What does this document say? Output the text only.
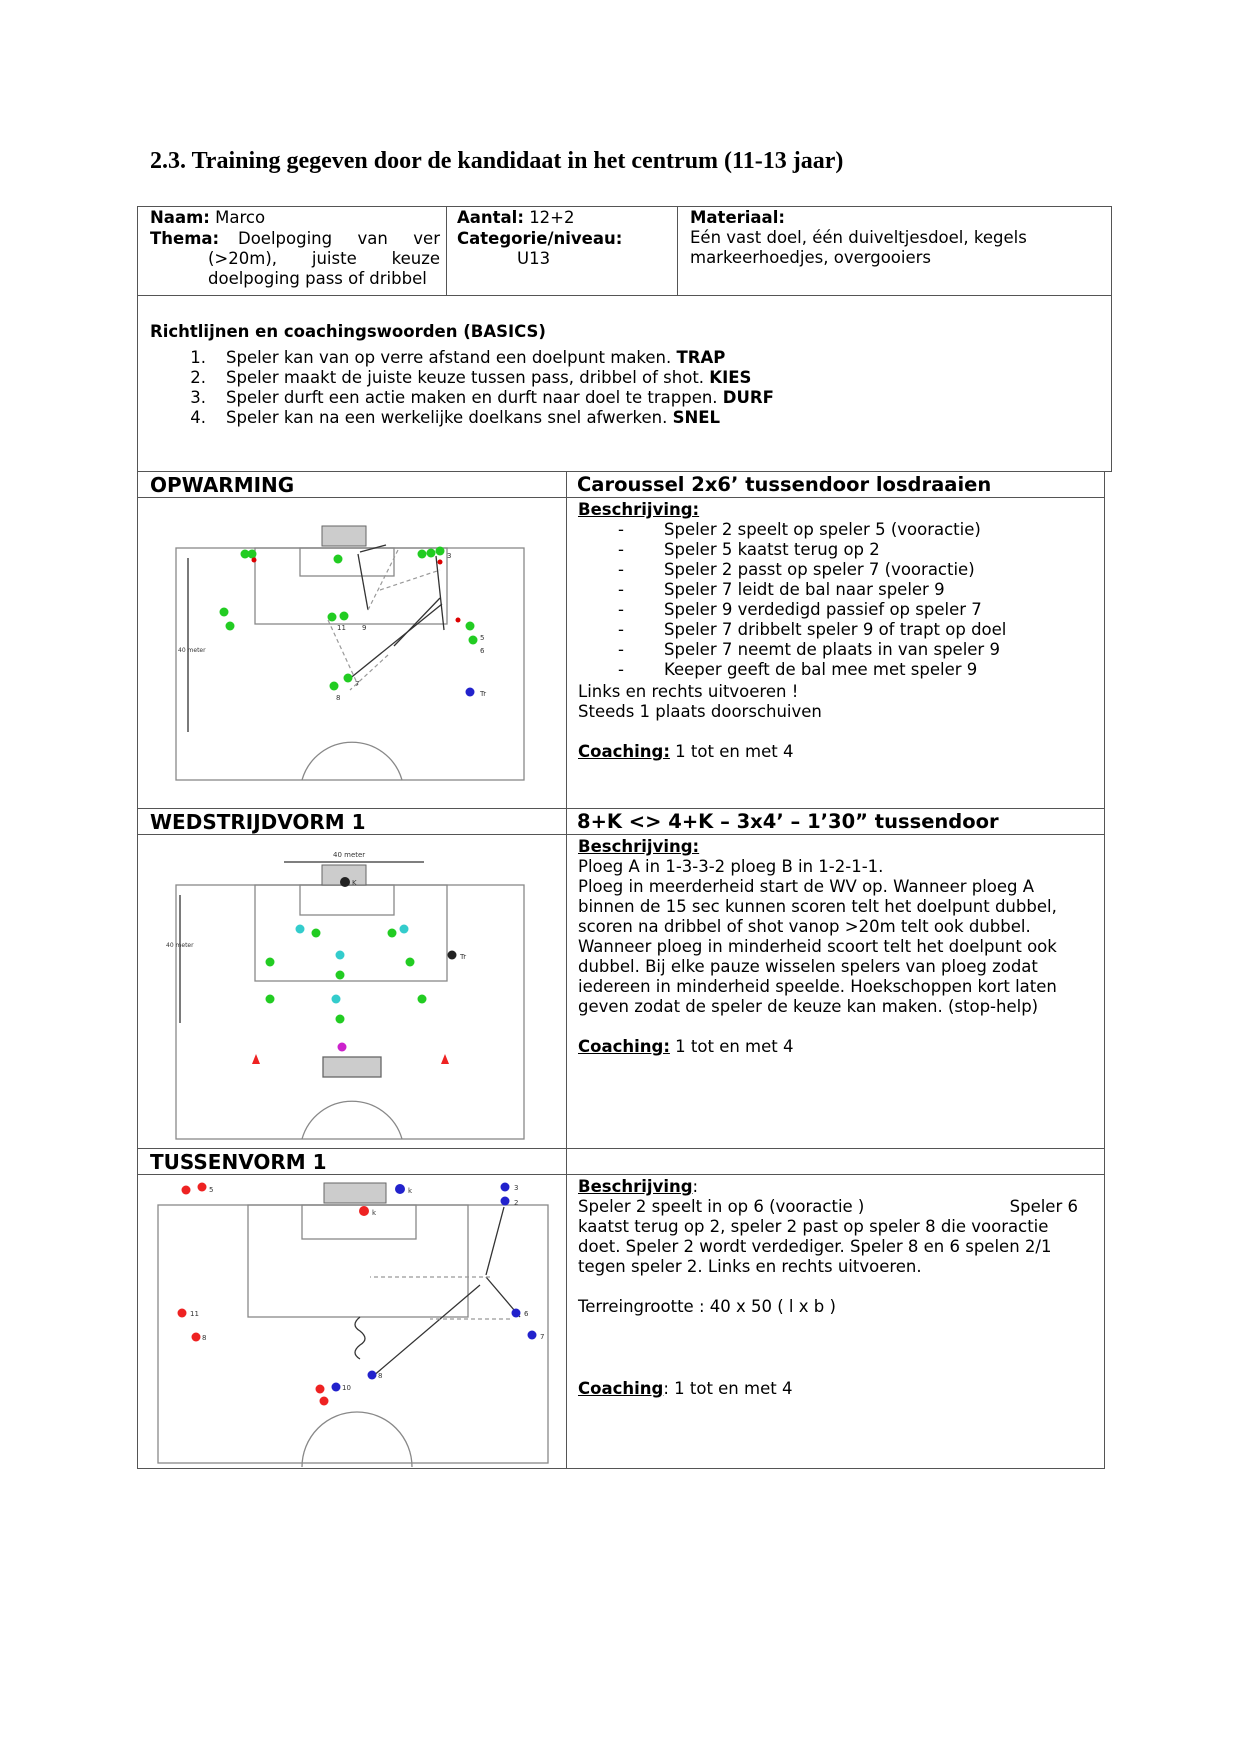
2.3. Training gegeven door de kandidaat in het centrum (11-13 jaar)
Naam: Marco
Thema:	Doelpoging van ver
(>20m), juiste keuze
doelpoging pass of dribbel
Aantal: 12+2
Categorie/niveau:
U13
Materiaal:
Eén vast doel, één duiveltjesdoel, kegels
markeerhoedjes, overgooiers
Richtlijnen en coachingswoorden (BASICS)
1.	Speler kan van op verre afstand een doelpunt maken. TRAP
2.	Speler maakt de juiste keuze tussen pass, dribbel of shot. KIES
3.	Speler durft een actie maken en durft naar doel te trappen. DURF
4.	Speler kan na een werkelijke doelkans snel afwerken. SNEL
OPWARMING	Caroussel 2x6’ tussendoor losdraaien
Beschrijving:
-	Speler 2 speelt op speler 5 (vooractie)
-	Speler 5 kaatst terug op 2
-	Speler 2 passt op speler 7 (vooractie)
-	Speler 7 leidt de bal naar speler 9
-	Speler 9 verdedigd passief op speler 7
-	Speler 7 dribbelt speler 9 of trapt op doel
-	Speler 7 neemt de plaats in van speler 9
-	Keeper geeft de bal mee met speler 9
Links en rechts uitvoeren !
Steeds 1 plaats doorschuiven
Coaching: 1 tot en met 4
40 meter
3
11 9
5
6
7
8	Tr
WEDSTRIJDVORM 1	8+K <> 4+K – 3x4’ – 1’30” tussendoor
Beschrijving:
Ploeg A in 1-3-3-2 ploeg B in 1-2-1-1.
Ploeg in meerderheid start de WV op. Wanneer ploeg A
binnen de 15 sec kunnen scoren telt het doelpunt dubbel,
scoren na dribbel of shot vanop >20m telt ook dubbel.
Wanneer ploeg in minderheid scoort telt het doelpunt ook
dubbel. Bij elke pauze wisselen spelers van ploeg zodat
iedereen in minderheid speelde. Hoekschoppen kort laten
geven zodat de speler de keuze kan maken. (stop-help)
Coaching: 1 tot en met 4
40 meter
40 meter
K
Tr
TUSSENVORM 1
Beschrijving:
Speler 2 speelt in op 6 (vooractie )	Speler 6
kaatst terug op 2, speler 2 past op speler 8 die vooractie
doet. Speler 2 wordt verdediger. Speler 8 en 6 spelen 2/1
tegen speler 2. Links en rechts uitvoeren.
Terreingrootte : 40 x 50 ( l x b )
Coaching: 1 tot en met 4
5	k	3
2
k
11
8
6
7
8
10
